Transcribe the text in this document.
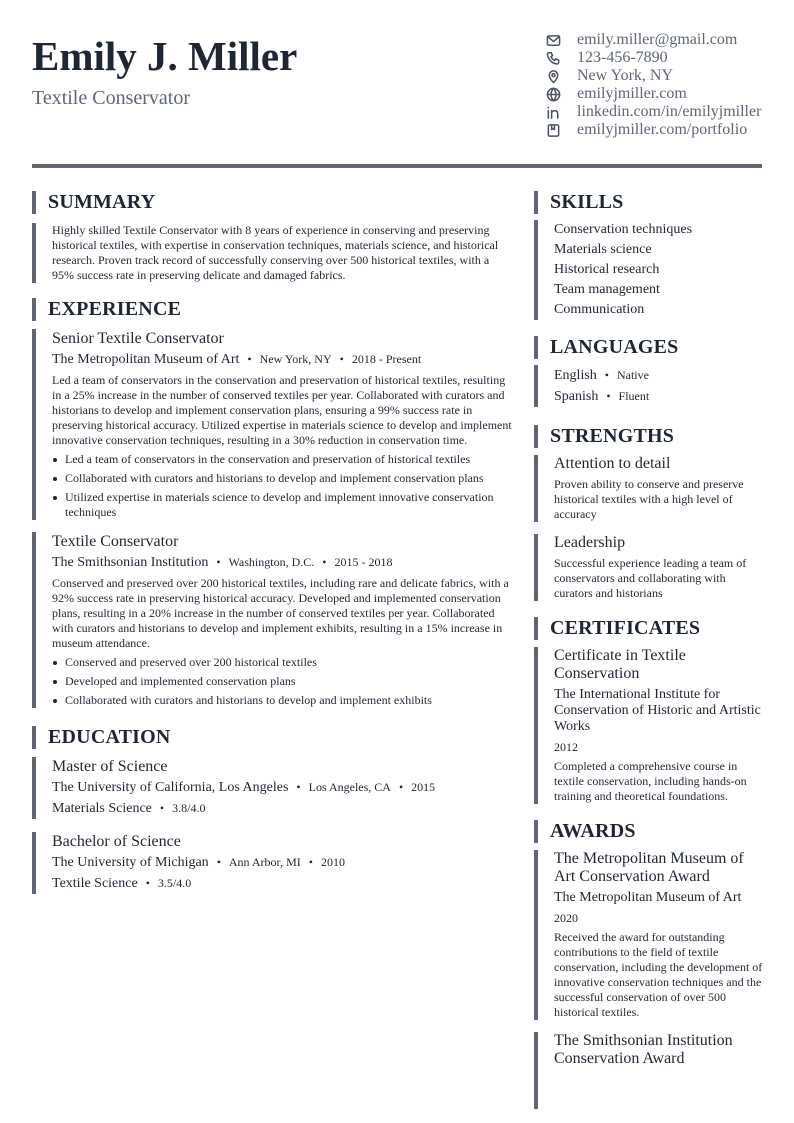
Emily J. Miller
Textile Conservator
emily.miller@gmail.com
123-456-7890
New York, NY
emilyjmiller.com
linkedin.com/in/emilyjmiller
emilyjmiller.com/portfolio
SUMMARY
Highly skilled Textile Conservator with 8 years of experience in conserving and preserving historical textiles, with expertise in conservation techniques, materials science, and historical research. Proven track record of successfully conserving over 500 historical textiles, with a 95% success rate in preserving delicate and damaged fabrics.
EXPERIENCE
Senior Textile Conservator
The Metropolitan Museum of Art • New York, NY • 2018 - Present
Led a team of conservators in the conservation and preservation of historical textiles, resulting in a 25% increase in the number of conserved textiles per year. Collaborated with curators and historians to develop and implement conservation plans, ensuring a 99% success rate in preserving historical accuracy. Utilized expertise in materials science to develop and implement innovative conservation techniques, resulting in a 30% reduction in conservation time.
Led a team of conservators in the conservation and preservation of historical textiles
Collaborated with curators and historians to develop and implement conservation plans
Utilized expertise in materials science to develop and implement innovative conservation techniques
Textile Conservator
The Smithsonian Institution • Washington, D.C. • 2015 - 2018
Conserved and preserved over 200 historical textiles, including rare and delicate fabrics, with a 92% success rate in preserving historical accuracy. Developed and implemented conservation plans, resulting in a 20% increase in the number of conserved textiles per year. Collaborated with curators and historians to develop and implement exhibits, resulting in a 15% increase in museum attendance.
Conserved and preserved over 200 historical textiles
Developed and implemented conservation plans
Collaborated with curators and historians to develop and implement exhibits
EDUCATION
Master of Science
The University of California, Los Angeles • Los Angeles, CA • 2015
Materials Science • 3.8/4.0
Bachelor of Science
The University of Michigan • Ann Arbor, MI • 2010
Textile Science • 3.5/4.0
SKILLS
Conservation techniques
Materials science
Historical research
Team management
Communication
LANGUAGES
English • Native
Spanish • Fluent
STRENGTHS
Attention to detail
Proven ability to conserve and preserve historical textiles with a high level of accuracy
Leadership
Successful experience leading a team of conservators and collaborating with curators and historians
CERTIFICATES
Certificate in Textile Conservation
The International Institute for Conservation of Historic and Artistic Works
2012
Completed a comprehensive course in textile conservation, including hands-on training and theoretical foundations.
AWARDS
The Metropolitan Museum of Art Conservation Award
The Metropolitan Museum of Art
2020
Received the award for outstanding contributions to the field of textile conservation, including the development of innovative conservation techniques and the successful conservation of over 500 historical textiles.
The Smithsonian Institution Conservation Award
